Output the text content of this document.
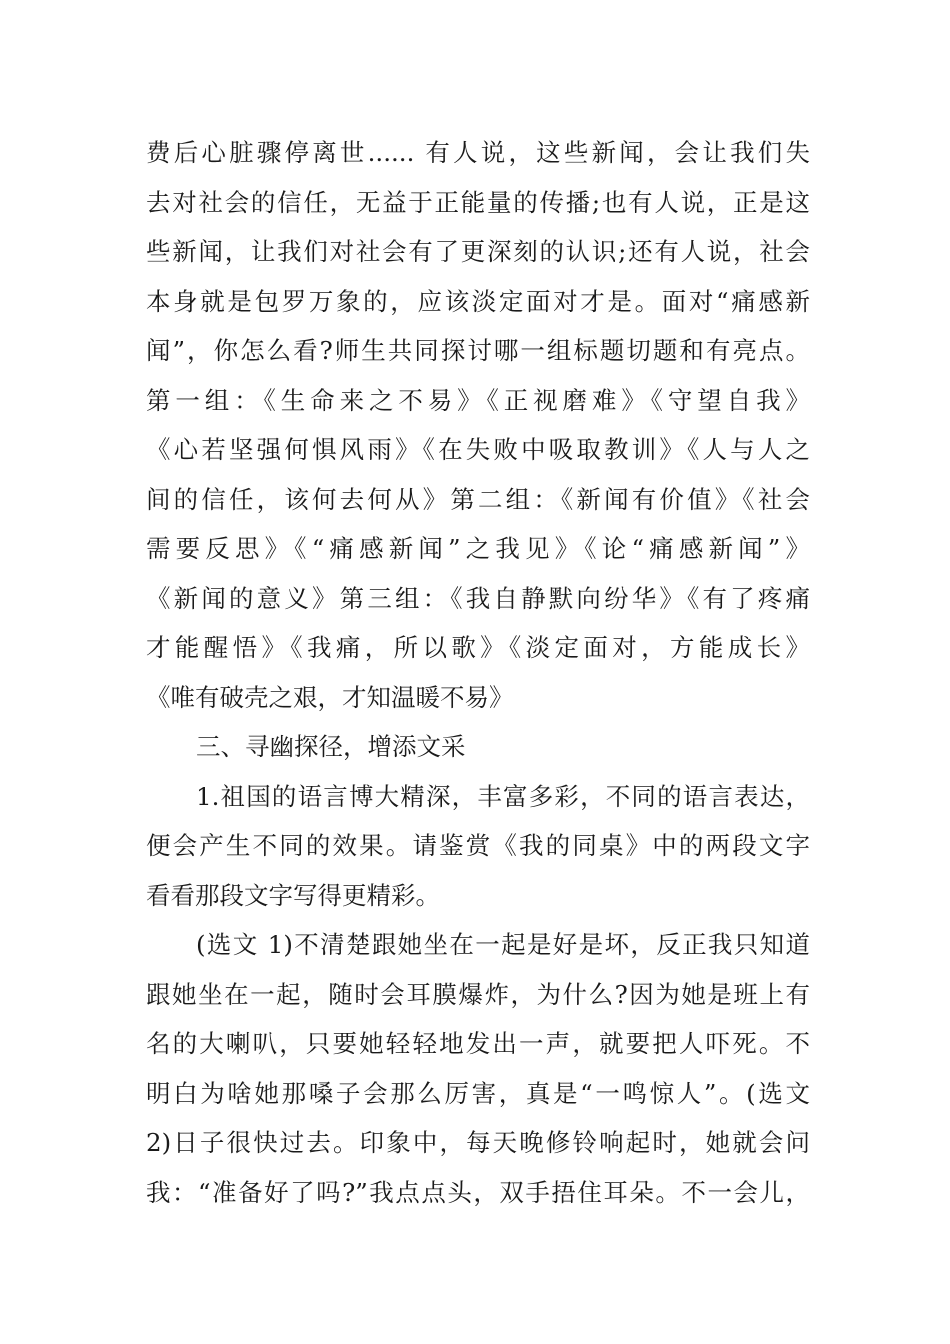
费后心脏骤停离世...... 有人说，这些新闻，会让我们失
去对社会的信任，无益于正能量的传播;也有人说，正是这
些新闻，让我们对社会有了更深刻的认识;还有人说，社会
本身就是包罗万象的，应该淡定面对才是。面对“痛感新
闻”，你怎么看?师生共同探讨哪一组标题切题和有亮点。
第一组：《生命来之不易》《正视磨难》《守望自我》
《心若坚强何惧风雨》《在失败中吸取教训》《人与人之
间的信任，该何去何从》第二组：《新闻有价值》《社会
需要反思》《“痛感新闻”之我见》《论“痛感新闻”》
《新闻的意义》第三组：《我自静默向纷华》《有了疼痛
才能醒悟》《我痛，所以歌》《淡定面对，方能成长》
《唯有破壳之艰，才知温暖不易》
三、寻幽探径，增添文采
1.祖国的语言博大精深，丰富多彩，不同的语言表达，
便会产生不同的效果。请鉴赏《我的同桌》中的两段文字
看看那段文字写得更精彩。
(选文 1)不清楚跟她坐在一起是好是坏，反正我只知道
跟她坐在一起，随时会耳膜爆炸，为什么?因为她是班上有
名的大喇叭，只要她轻轻地发出一声，就要把人吓死。不
明白为啥她那嗓子会那么厉害，真是“一鸣惊人”。(选文
2)日子很快过去。印象中，每天晚修铃响起时，她就会问
我：“准备好了吗?”我点点头，双手捂住耳朵。不一会儿，
